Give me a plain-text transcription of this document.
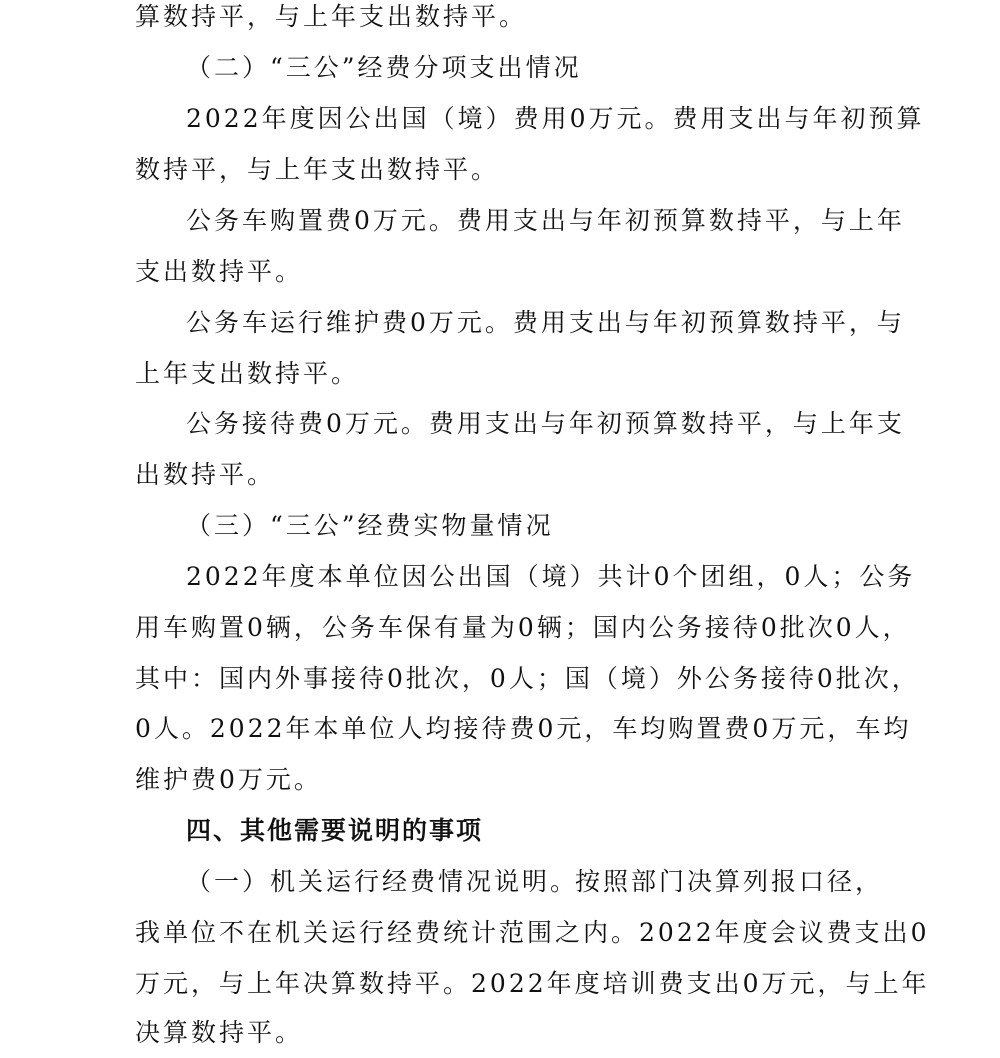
算数持平，与上年支出数持平。
（二）“三公”经费分项支出情况
2022年度因公出国（境）费用0万元。费用支出与年初预算
数持平，与上年支出数持平。
公务车购置费0万元。费用支出与年初预算数持平，与上年
支出数持平。
公务车运行维护费0万元。费用支出与年初预算数持平，与
上年支出数持平。
公务接待费0万元。费用支出与年初预算数持平，与上年支
出数持平。
（三）“三公”经费实物量情况
2022年度本单位因公出国（境）共计0个团组，0人；公务
用车购置0辆，公务车保有量为0辆；国内公务接待0批次0人，
其中：国内外事接待0批次，0人；国（境）外公务接待0批次，
0人。2022年本单位人均接待费0元，车均购置费0万元，车均
维护费0万元。
四、其他需要说明的事项
（一）机关运行经费情况说明。
按照部门决算列报口径，
我单位不在机关运行经费统计范围之内。2022年度会议费支出0
万元，与上年决算数持平。2022年度培训费支出0万元，与上年
决算数持平。
